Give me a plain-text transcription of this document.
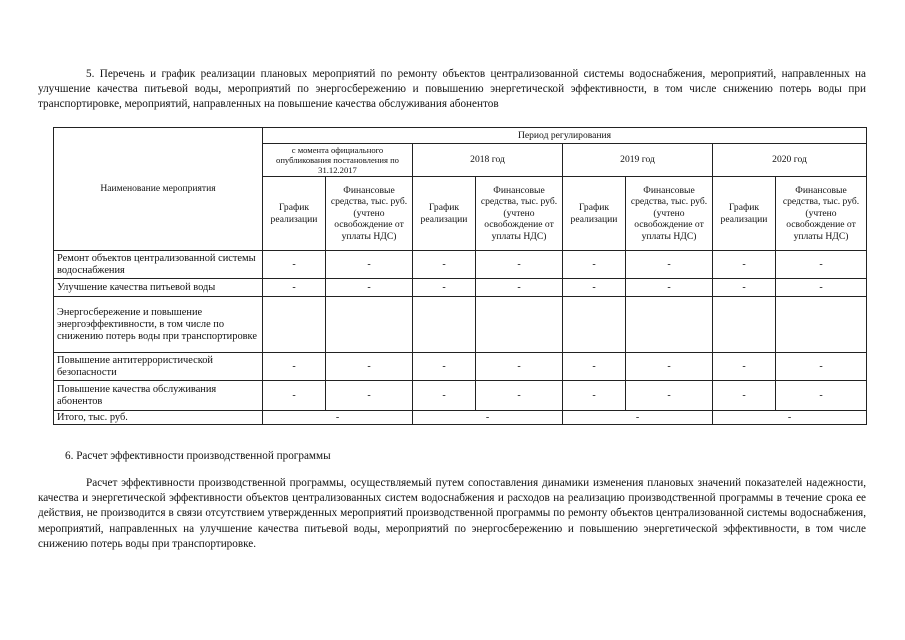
5. Перечень и график реализации плановых мероприятий по ремонту объектов централизованной системы водоснабжения, мероприятий, направленных на улучшение качества питьевой воды, мероприятий по энергосбережению и повышению энергетической эффективности, в том числе снижению потерь воды при транспортировке, мероприятий, направленных на повышение качества обслуживания абонентов

Наименование мероприятия	Период регулирования							
	с момента официального опубликования постановления по 31.12.2017		2018 год		2019 год		2020 год	
	График реализации	Финансовые средства, тыс. руб. (учтено освобождение от уплаты НДС)	График реализации	Финансовые средства, тыс. руб. (учтено освобождение от уплаты НДС)	График реализации	Финансовые средства, тыс. руб. (учтено освобождение от уплаты НДС)	График реализации	Финансовые средства, тыс. руб. (учтено освобождение от уплаты НДС)
Ремонт объектов централизованной системы водоснабжения	-	-	-	-	-	-	-	-
Улучшение качества питьевой воды	-	-	-	-	-	-	-	-
Энергосбережение и повышение энергоэффективности, в том числе по снижению потерь воды при транспортировке								
Повышение антитеррористической безопасности	-	-	-	-	-	-	-	-
Повышение качества обслуживания абонентов	-	-	-	-	-	-	-	-
Итого, тыс. руб.	-		-		-		-	

6. Расчет эффективности производственной программы

Расчет эффективности производственной программы, осуществляемый путем сопоставления динамики изменения плановых значений показателей надежности, качества и энергетической эффективности объектов централизованных систем водоснабжения и расходов на реализацию производственной программы в течение срока ее действия, не производится в связи отсутствием утвержденных мероприятий производственной программы по ремонту объектов централизованной системы водоснабжения, мероприятий, направленных на улучшение качества питьевой воды, мероприятий по энергосбережению и повышению энергетической эффективности, в том числе снижению потерь воды при транспортировке.
